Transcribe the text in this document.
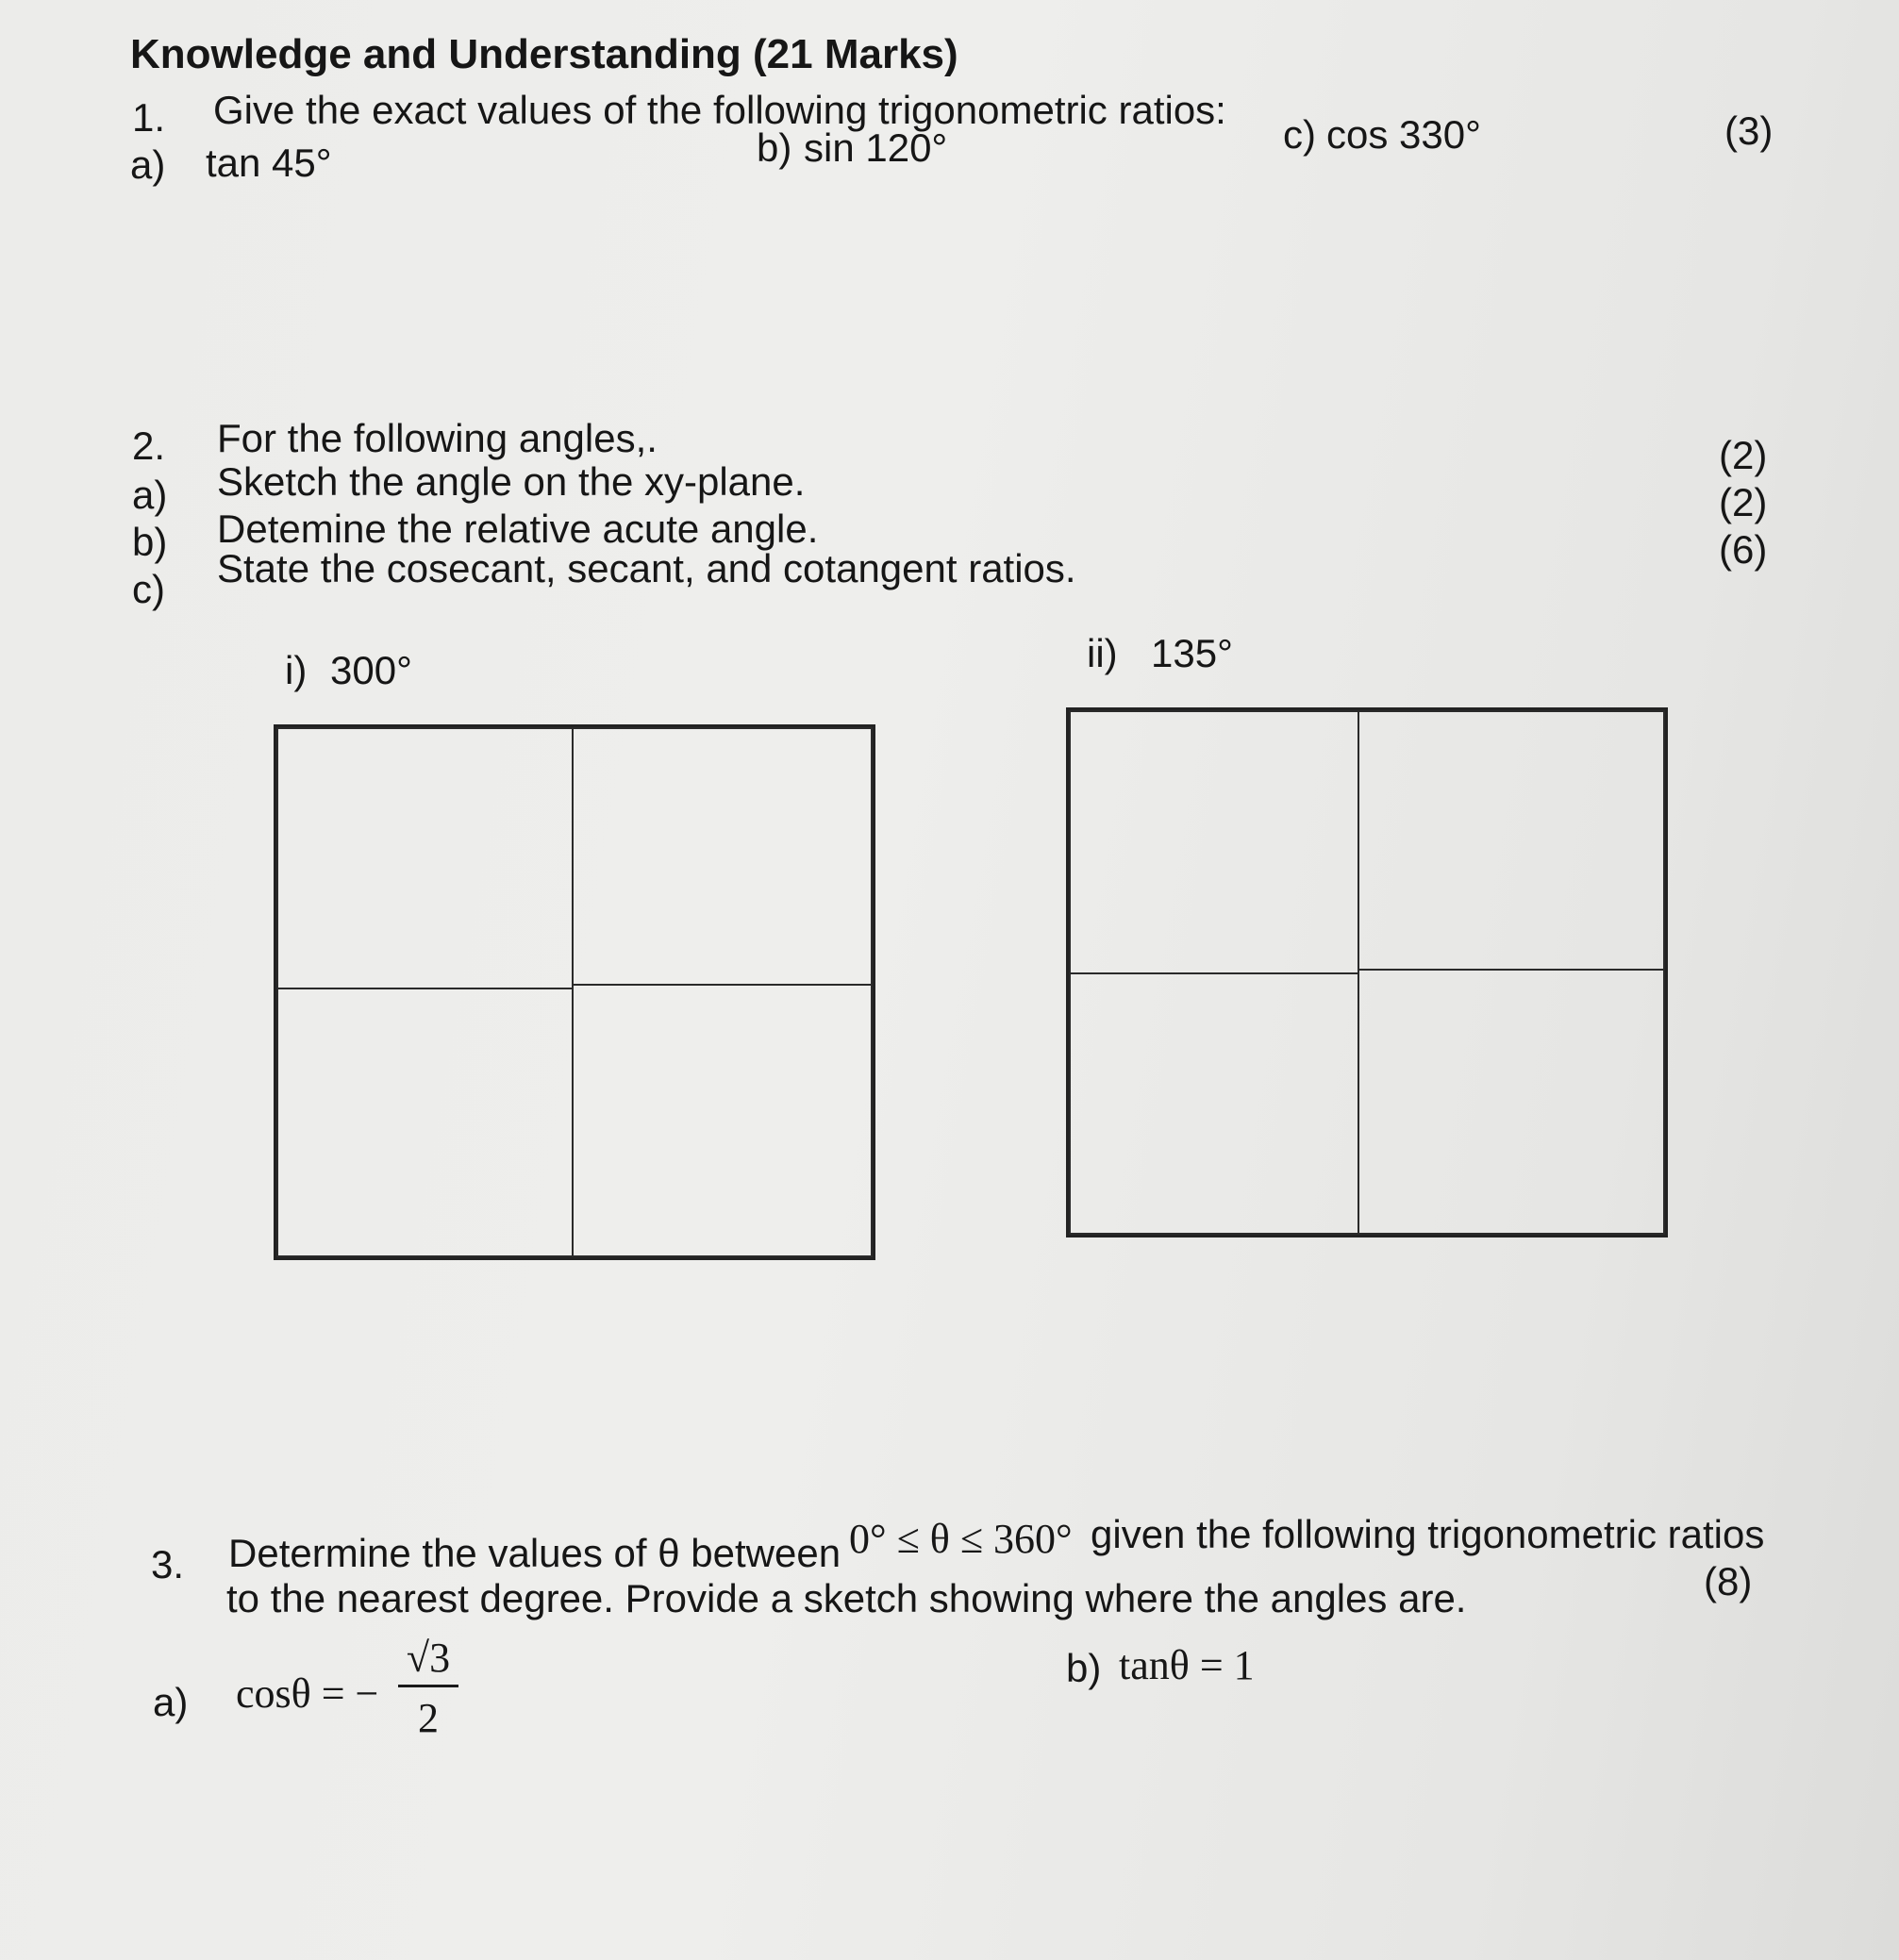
Knowledge and Understanding (21 Marks)
1. Give the exact values of the following trigonometric ratios:
a) tan 45°	b) sin 120°	c) cos 330°	(3)
2. For the following angles,.
a) Sketch the angle on the xy-plane.
(2)
b) Detemine the relative acute angle.
(2)
c) State the cosecant, secant, and cotangent ratios.	(6)
i) 300°	ii) 135°
3. Determine the values of θ between 0° ≤ θ ≤ 360° given the following trigonometric ratios
to the nearest degree. Provide a sketch showing where the angles are.	(8)
a) cosθ = −
√3
2
b) tanθ = 1
